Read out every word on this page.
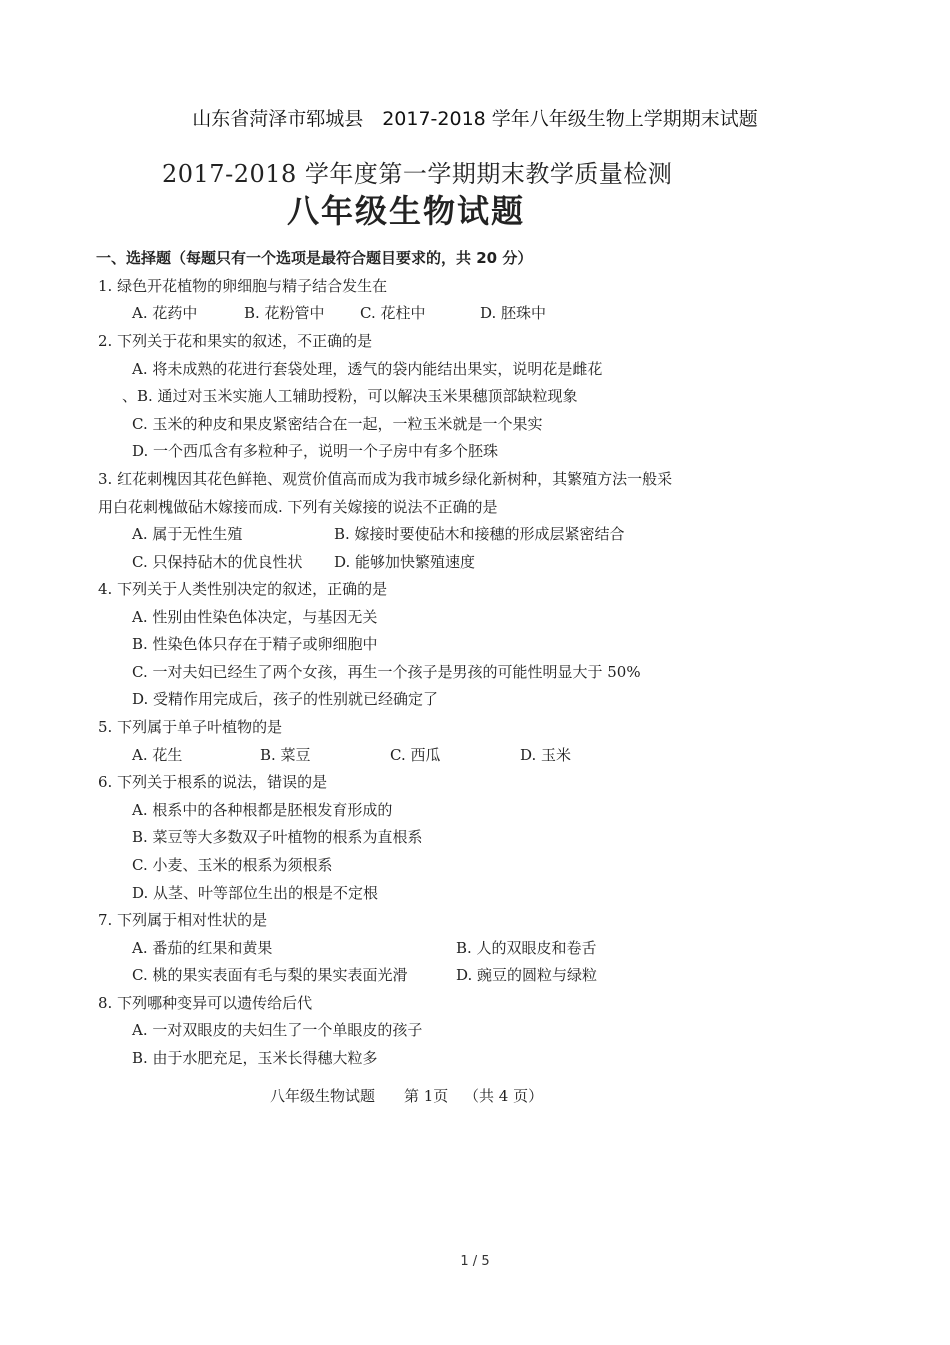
山东省菏泽市郓城县　2017-2018 学年八年级生物上学期期末试题
2017-2018 学年度第一学期期末教学质量检测
八年级生物试题
一、选择题（每题只有一个选项是最符合题目要求的，共 20 分）
1. 绿色开花植物的卵细胞与精子结合发生在
A. 花药中	B. 花粉管中 C. 花柱中	D. 胚珠中
2. 下列关于花和果实的叙述，不正确的是
A. 将未成熟的花进行套袋处理，透气的袋内能结出果实，说明花是雌花
、B. 通过对玉米实施人工辅助授粉，可以解决玉米果穗顶部缺粒现象
C. 玉米的种皮和果皮紧密结合在一起，一粒玉米就是一个果实
D. 一个西瓜含有多粒种子，说明一个子房中有多个胚珠
3. 红花刺槐因其花色鲜艳、观赏价值高而成为我市城乡绿化新树种，其繁殖方法一般采
用白花刺槐做砧木嫁接而成. 下列有关嫁接的说法不正确的是
A. 属于无性生殖	B. 嫁接时要使砧木和接穗的形成层紧密结合
C. 只保持砧木的优良性状 D. 能够加快繁殖速度
4. 下列关于人类性别决定的叙述，正确的是
A. 性别由性染色体决定，与基因无关
B. 性染色体只存在于精子或卵细胞中
C. 一对夫妇已经生了两个女孩，再生一个孩子是男孩的可能性明显大于 50%
D. 受精作用完成后，孩子的性别就已经确定了
5. 下列属于单子叶植物的是
A. 花生	B. 菜豆	C. 西瓜	D. 玉米
6. 下列关于根系的说法，错误的是
A. 根系中的各种根都是胚根发育形成的
B. 菜豆等大多数双子叶植物的根系为直根系
C. 小麦、玉米的根系为须根系
D. 从茎、叶等部位生出的根是不定根
7. 下列属于相对性状的是
A. 番茄的红果和黄果	B. 人的双眼皮和卷舌
C. 桃的果实表面有毛与梨的果实表面光滑	D. 豌豆的圆粒与绿粒
8. 下列哪种变异可以遗传给后代
A. 一对双眼皮的夫妇生了一个单眼皮的孩子
B. 由于水肥充足，玉米长得穗大粒多
八年级生物试题 第 1页 （共 4 页）
1 / 5
